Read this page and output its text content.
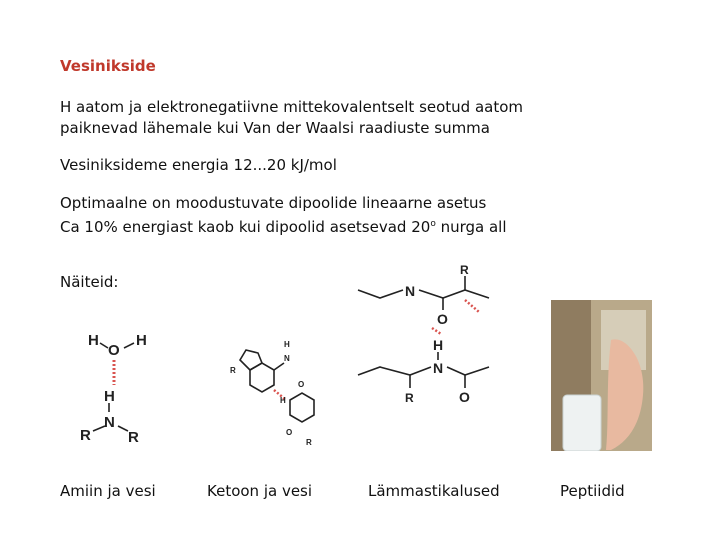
Vesinikside
H aatom ja elektronegatiivne mittekovalentselt seotud aatom
paiknevad lähemale kui Van der Waalsi raadiuste summa
Vesiniksideme energia 12...20 kJ/mol
Optimaalne on moodustuvate dipoolide lineaarne asetus
Ca 10% energiast kaob kui dipoolid asetsevad 20$^o$ nurga all
Näiteid:
H
O
H
H
N
R R
N
H
R
O
O
R
H
N
R
O
H
N
R	O
Amiin ja vesi	Ketoon ja vesi	Lämmastikalused	Peptiidid
